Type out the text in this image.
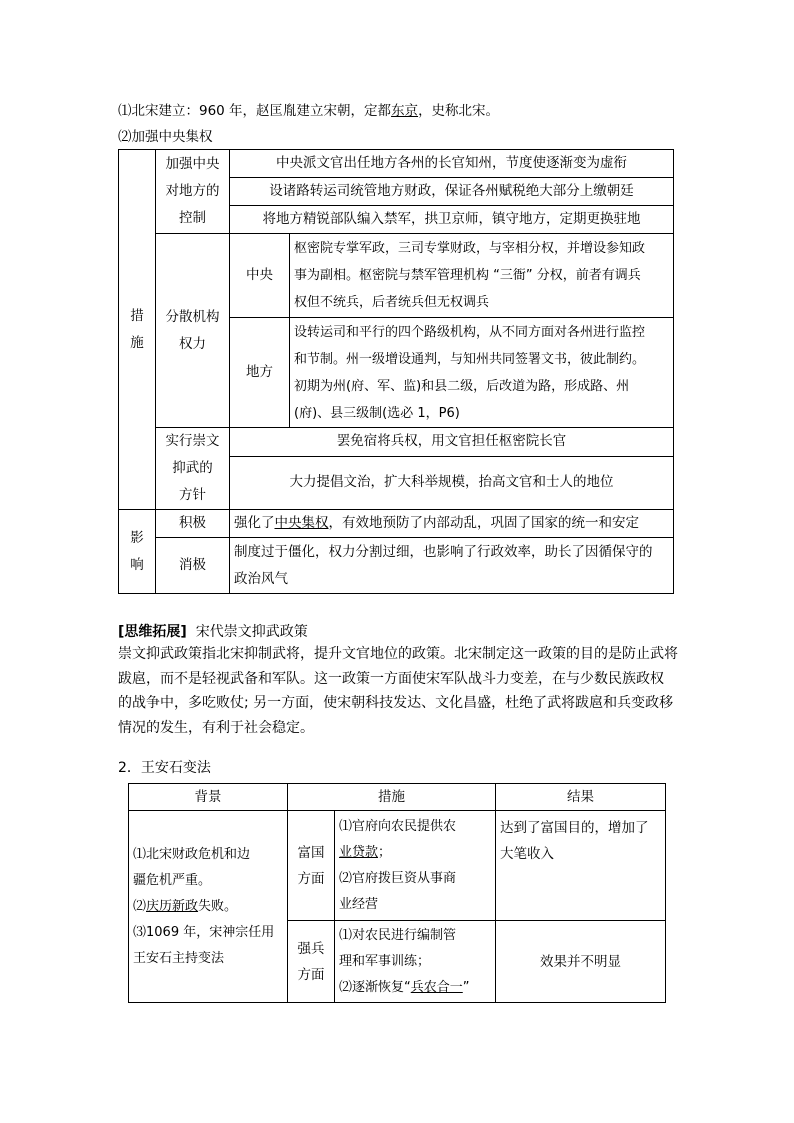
⑴北宋建立：960 年，赵匡胤建立宋朝，定都东京，史称北宋。
⑵加强中央集权
措
施	加强中央
对地方的
控制	中央派文官出任地方各州的长官知州，节度使逐渐变为虚衔	
		设诸路转运司统管地方财政，保证各州赋税绝大部分上缴朝廷	
		将地方精锐部队编入禁军，拱卫京师，镇守地方，定期更换驻地	
	分散机构
权力	中央	枢密院专掌军政，三司专掌财政，与宰相分权，并增设参知政
事为副相。枢密院与禁军管理机构 “三衙” 分权，前者有调兵
权但不统兵，后者统兵但无权调兵
		地方	设转运司和平行的四个路级机构，从不同方面对各州进行监控
和节制。州一级增设通判，与知州共同签署文书，彼此制约。
初期为州(府、军、监)和县二级，后改道为路，形成路、州
(府)、县三级制(选必 1，P6)
	实行崇文
抑武的
方针	罢免宿将兵权，用文官担任枢密院长官	
		大力提倡文治，扩大科举规模，抬高文官和士人的地位	

影
响	积极	强化了中央集权，有效地预防了内部动乱，巩固了国家的统一和安定	
	消极	制度过于僵化，权力分割过细，也影响了行政效率，助长了因循保守的
政治风气	
[思维拓展] 宋代崇文抑武政策
崇文抑武政策指北宋抑制武将，提升文官地位的政策。北宋制定这一政策的目的是防止武将
跋扈，而不是轻视武备和军队。这一政策一方面使宋军队战斗力变差，在与少数民族政权
的战争中，多吃败仗; 另一方面，使宋朝科技发达、文化昌盛，杜绝了武将跋扈和兵变政移
情况的发生，有利于社会稳定。
2．王安石变法
背景	措施		结果
⑴北宋财政危机和边
疆危机严重。
⑵庆历新政失败。
⑶1069 年，宋神宗任用
王安石主持变法	富国
方面	⑴官府向农民提供农
业贷款；
⑵官府拨巨资从事商
业经营	达到了富国目的，增加了
大笔收入
	强兵
方面	⑴对农民进行编制管
理和军事训练；
⑵逐渐恢复“兵农合一”	效果并不明显
